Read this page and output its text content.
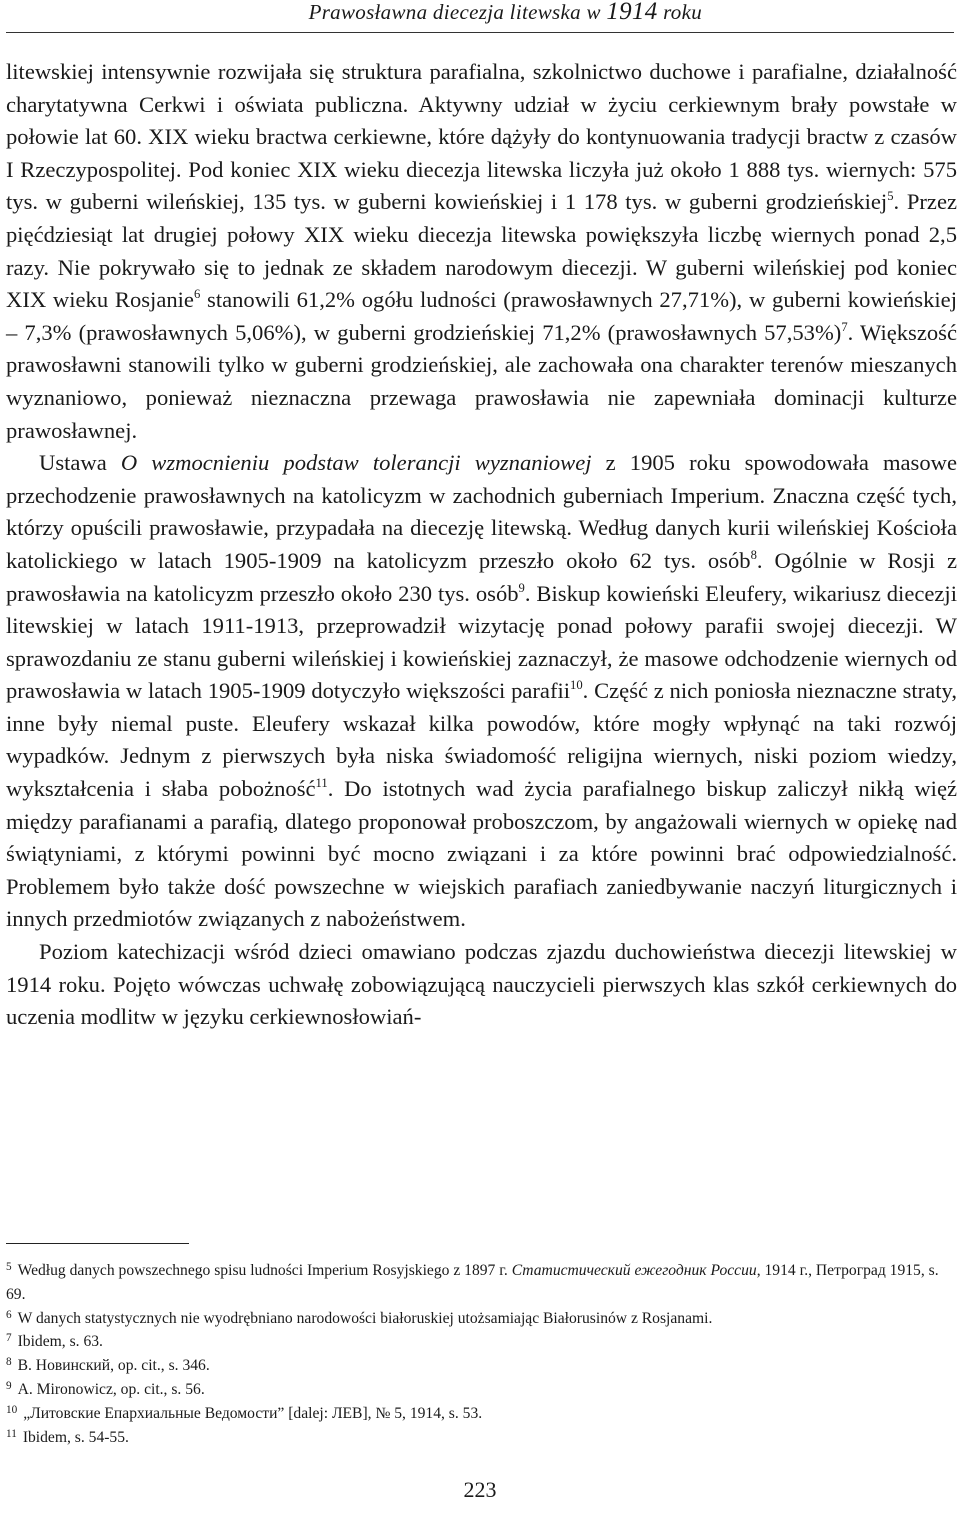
Prawosławna diecezja litewska w 1914 roku

litewskiej intensywnie rozwijała się struktura parafialna, szkolnictwo duchowe i parafialne, działalność charytatywna Cerkwi i oświata publiczna. Aktywny udział w życiu cerkiewnym brały powstałe w połowie lat 60. XIX wieku bractwa cerkiewne, które dążyły do kontynuowania tradycji bractw z czasów I Rzeczypospolitej. Pod koniec XIX wieku diecezja litewska liczyła już około 1 888 tys. wiernych: 575 tys. w guberni wileńskiej, 135 tys. w guberni kowieńskiej i 1 178 tys. w guberni grodzieńskiej$^5$. Przez pięćdziesiąt lat drugiej połowy XIX wieku diecezja litewska powiększyła liczbę wiernych ponad 2,5 razy. Nie pokrywało się to jednak ze składem narodowym diecezji. W guberni wileńskiej pod koniec XIX wieku Rosjanie$^6$ stanowili 61,2% ogółu ludności (prawosławnych 27,71%), w guberni kowieńskiej – 7,3% (prawosławnych 5,06%), w guberni grodzieńskiej 71,2% (prawosławnych 57,53%)$^7$. Większość prawosławni stanowili tylko w guberni grodzieńskiej, ale zachowała ona charakter terenów mieszanych wyznaniowo, ponieważ nieznaczna przewaga prawosławia nie zapewniała dominacji kulturze prawosławnej.

Ustawa O wzmocnieniu podstaw tolerancji wyznaniowej z 1905 roku spowodowała masowe przechodzenie prawosławnych na katolicyzm w zachodnich guberniach Imperium. Znaczna część tych, którzy opuścili prawosławie, przypadała na diecezję litewską. Według danych kurii wileńskiej Kościoła katolickiego w latach 1905-1909 na katolicyzm przeszło około 62 tys. osób$^8$. Ogólnie w Rosji z prawosławia na katolicyzm przeszło około 230 tys. osób$^9$. Biskup kowieński Eleufery, wikariusz diecezji litewskiej w latach 1911-1913, przeprowadził wizytację ponad połowy parafii swojej diecezji. W sprawozdaniu ze stanu guberni wileńskiej i kowieńskiej zaznaczył, że masowe odchodzenie wiernych od prawosławia w latach 1905-1909 dotyczyło większości parafii$^{10}$. Część z nich poniosła nieznaczne straty, inne były niemal puste. Eleufery wskazał kilka powodów, które mogły wpłynąć na taki rozwój wypadków. Jednym z pierwszych była niska świadomość religijna wiernych, niski poziom wiedzy, wykształcenia i słaba pobożność$^{11}$. Do istotnych wad życia parafialnego biskup zaliczył nikłą więź między parafianami a parafią, dlatego proponował proboszczom, by angażowali wiernych w opiekę nad świątyniami, z którymi powinni być mocno związani i za które powinni brać odpowiedzialność. Problemem było także dość powszechne w wiejskich parafiach zaniedbywanie naczyń liturgicznych i innych przedmiotów związanych z nabożeństwem.

Poziom katechizacji wśród dzieci omawiano podczas zjazdu duchowieństwa diecezji litewskiej w 1914 roku. Pojęto wówczas uchwałę zobowiązującą nauczycieli pierwszych klas szkół cerkiewnych do uczenia modlitw w języku cerkiewnosłowiań-

$^5$ Według danych powszechnego spisu ludności Imperium Rosyjskiego z 1897 г. Статистический ежегодник России, 1914 г., Петроград 1915, s. 69.
$^6$ W danych statystycznych nie wyodrębniano narodowości białoruskiej utożsamiając Białorusinów z Rosjanami.
$^7$ Ibidem, s. 63.
$^8$ В. Новинский, op. cit., s. 346.
$^9$ A. Mironowicz, op. cit., s. 56.
$^{10}$ „Литовские Епархиальные Ведомости” [dalej: ЛЕВ], № 5, 1914, s. 53.
$^{11}$ Ibidem, s. 54-55.
223
